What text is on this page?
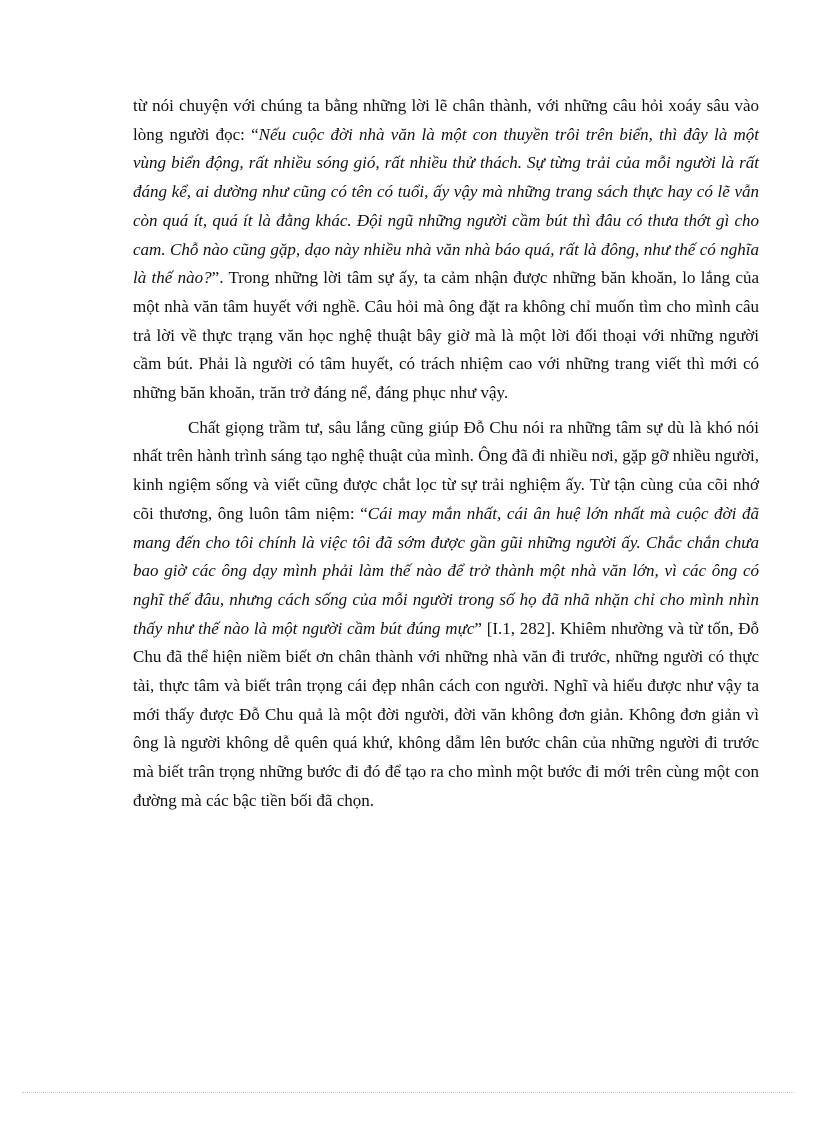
từ nói chuyện với chúng ta bằng những lời lẽ chân thành, với những câu hỏi xoáy sâu vào lòng người đọc: “Nếu cuộc đời nhà văn là một con thuyền trôi trên biển, thì đây là một vùng biển động, rất nhiều sóng gió, rất nhiều thử thách. Sự từng trải của mỗi người là rất đáng kể, ai dường như cũng có tên có tuổi, ấy vậy mà những trang sách thực hay có lẽ vẫn còn quá ít, quá ít là đằng khác. Đội ngũ những người cầm bút thì đâu có thưa thớt gì cho cam. Chỗ nào cũng gặp, dạo này nhiều nhà văn nhà báo quá, rất là đông, như thế có nghĩa là thế nào?”. Trong những lời tâm sự ấy, ta cảm nhận được những băn khoăn, lo lắng của một nhà văn tâm huyết với nghề. Câu hỏi mà ông đặt ra không chỉ muốn tìm cho mình câu trả lời về thực trạng văn học nghệ thuật bây giờ mà là một lời đối thoại với những người cầm bút. Phải là người có tâm huyết, có trách nhiệm cao với những trang viết thì mới có những băn khoăn, trăn trở đáng nể, đáng phục như vậy.

Chất giọng trầm tư, sâu lắng cũng giúp Đỗ Chu nói ra những tâm sự dù là khó nói nhất trên hành trình sáng tạo nghệ thuật của mình. Ông đã đi nhiều nơi, gặp gỡ nhiều người, kinh ngiệm sống và viết cũng được chắt lọc từ sự trải nghiệm ấy. Từ tận cùng của cõi nhớ cõi thương, ông luôn tâm niệm: “Cái may mắn nhất, cái ân huệ lớn nhất mà cuộc đời đã mang đến cho tôi chính là việc tôi đã sớm được gần gũi những người ấy. Chắc chắn chưa bao giờ các ông dạy mình phải làm thế nào để trở thành một nhà văn lớn, vì các ông có nghĩ thế đâu, nhưng cách sống của mỗi người trong số họ đã nhã nhặn chỉ cho mình nhìn thấy như thế nào là một người cầm bút đúng mực” [I.1, 282]. Khiêm nhường và từ tốn, Đỗ Chu đã thể hiện niềm biết ơn chân thành với những nhà văn đi trước, những người có thực tài, thực tâm và biết trân trọng cái đẹp nhân cách con người. Nghĩ và hiểu được như vậy ta mới thấy được Đỗ Chu quả là một đời người, đời văn không đơn giản. Không đơn giản vì ông là người không dễ quên quá khứ, không dẫm lên bước chân của những người đi trước mà biết trân trọng những bước đi đó để tạo ra cho mình một bước đi mới trên cùng một con đường mà các bậc tiền bối đã chọn.
